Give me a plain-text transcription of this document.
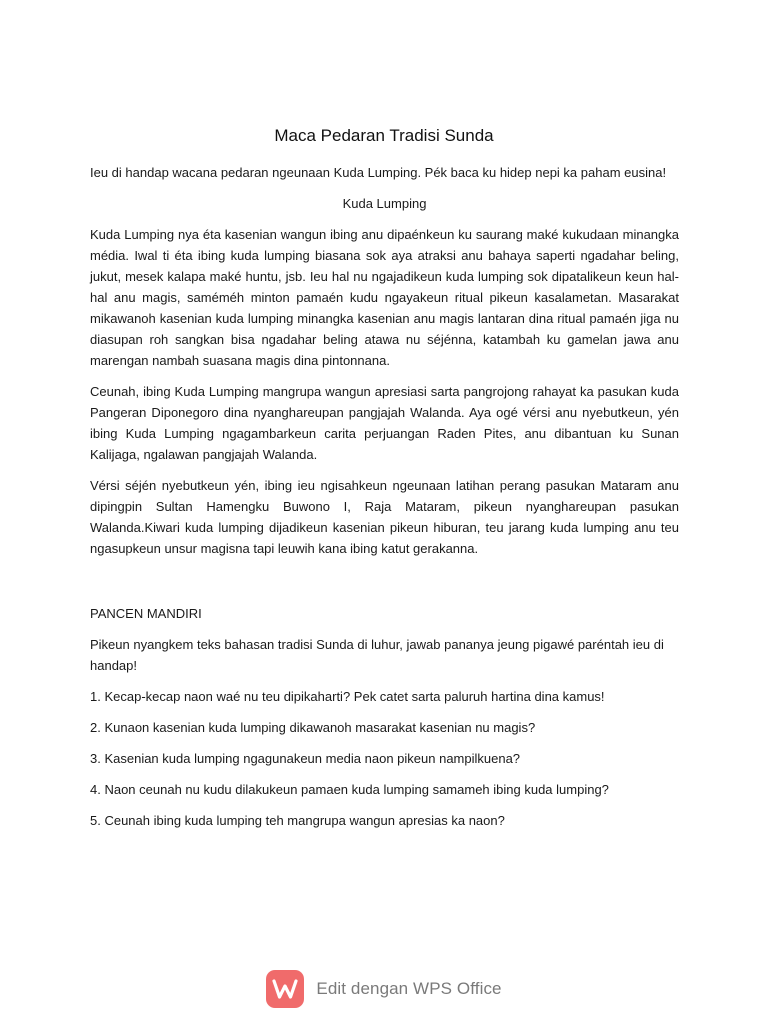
Maca Pedaran Tradisi Sunda

Ieu di handap wacana pedaran ngeunaan Kuda Lumping. Pék baca ku hidep nepi ka paham eusina!

Kuda Lumping

Kuda Lumping nya éta kasenian wangun ibing anu dipaénkeun ku saurang maké kukudaan minangka média. Iwal ti éta ibing kuda lumping biasana sok aya atraksi anu bahaya saperti ngadahar beling, jukut, mesek kalapa maké huntu, jsb. Ieu hal nu ngajadikeun kuda lumping sok dipatalikeun keun hal-hal anu magis, saméméh minton pamaén kudu ngayakeun ritual pikeun kasalametan. Masarakat mikawanoh kasenian kuda lumping minangka kasenian anu magis lantaran dina ritual pamaén jiga nu diasupan roh sangkan bisa ngadahar beling atawa nu séjénna, katambah ku gamelan jawa anu marengan nambah suasana magis dina pintonnana.

Ceunah, ibing Kuda Lumping mangrupa wangun apresiasi sarta pangrojong rahayat ka pasukan kuda Pangeran Diponegoro dina nyanghareupan pangjajah Walanda. Aya ogé vérsi anu nyebutkeun, yén ibing Kuda Lumping ngagambarkeun carita perjuangan Raden Pites, anu dibantuan ku Sunan Kalijaga, ngalawan pangjajah Walanda.

Vérsi séjén nyebutkeun yén, ibing ieu ngisahkeun ngeunaan latihan perang pasukan Mataram anu dipingpin Sultan Hamengku Buwono I, Raja Mataram, pikeun nyanghareupan pasukan Walanda.Kiwari kuda lumping dijadikeun kasenian pikeun hiburan, teu jarang kuda lumping anu teu ngasupkeun unsur magisna tapi leuwih kana ibing katut gerakanna.

PANCEN MANDIRI

Pikeun nyangkem teks bahasan tradisi Sunda di luhur, jawab pananya jeung pigawé paréntah ieu di handap!

1. Kecap-kecap naon waé nu teu dipikaharti? Pek catet sarta paluruh hartina dina kamus!

2. Kunaon kasenian kuda lumping dikawanoh masarakat kasenian nu magis?

3. Kasenian kuda lumping ngagunakeun media naon pikeun nampilkuena?

4. Naon ceunah nu kudu dilakukeun pamaen kuda lumping samameh ibing kuda lumping?

5. Ceunah ibing kuda lumping teh mangrupa wangun apresias ka naon?

Edit dengan WPS Office
